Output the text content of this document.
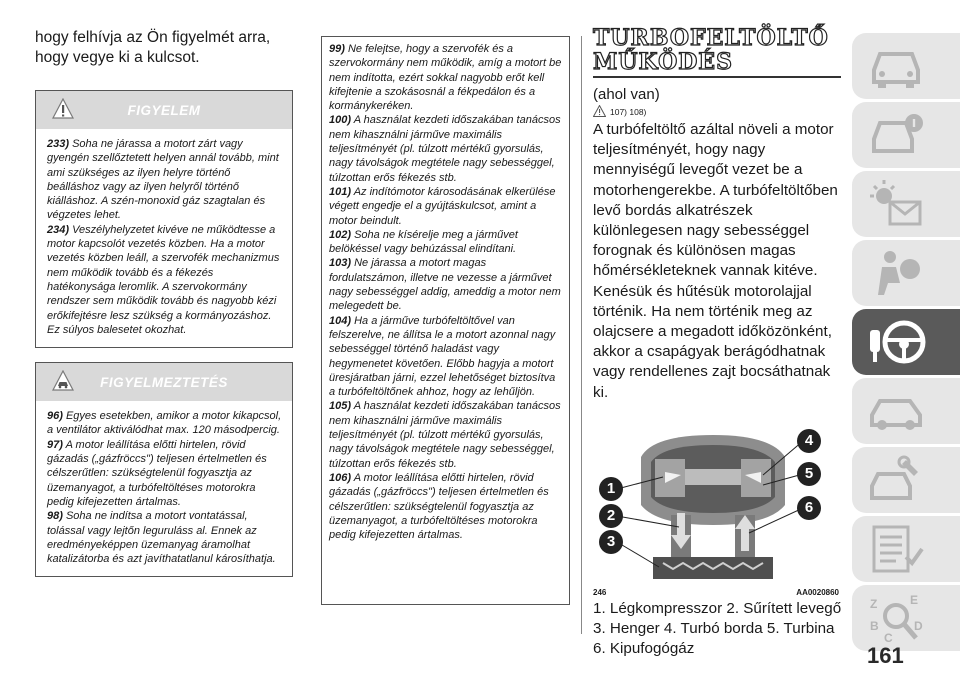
hogy felhívja az Ön figyelmét arra, hogy vegye ki a kulcsot.

FIGYELEM

233) Soha ne járassa a motort zárt vagy gyengén szellőztetett helyen annál tovább, mint ami szükséges az ilyen helyre történő beálláshoz vagy az ilyen helyről történő kiálláshoz. A szén-monoxid gáz szagtalan és végzetes lehet.

234) Veszélyhelyzetet kivéve ne működtesse a motor kapcsolót vezetés közben. Ha a motor vezetés közben leáll, a szervofék mechanizmus nem működik tovább és a fékezés hatékonysága leromlik. A szervokormány rendszer sem működik tovább és nagyobb kézi erőkifejtésre lesz szükség a kormányozáshoz. Ez súlyos balesetet okozhat.

FIGYELMEZTETÉS

96) Egyes esetekben, amikor a motor kikapcsol, a ventilátor aktiválódhat max. 120 másodpercig.

97) A motor leállítása előtti hirtelen, rövid gázadás („gázfröccs") teljesen értelmetlen és célszerűtlen: szükségtelenül fogyasztja az üzemanyagot, a turbófeltöltéses motorokra pedig kifejezetten ártalmas.

98) Soha ne indítsa a motort vontatással, tolással vagy lejtőn leguruláss al. Ennek az eredményeképpen üzemanyag áramolhat katalizátorba és azt javíthatatlanul károsíthatja.

99) Ne felejtse, hogy a szervofék és a szervokormány nem működik, amíg a motort be nem indította, ezért sokkal nagyobb erőt kell kifejtenie a szokásosnál a fékpedálon és a kormánykeréken.

100) A használat kezdeti időszakában tanácsos nem kihasználni járműve maximális teljesítményét (pl. túlzott mértékű gyorsulás, nagy távolságok megtétele nagy sebességgel, túlzottan erős fékezés stb.

101) Az indítómotor károsodásának elkerülése végett engedje el a gyújtáskulcsot, amint a motor beindult.

102) Soha ne kísérelje meg a járművet belökéssel vagy behúzással elindítani.

103) Ne járassa a motort magas fordulatszámon, illetve ne vezesse a járművet nagy sebességgel addig, ameddig a motor nem melegedett be.

104) Ha a járműve turbófeltöltővel van felszerelve, ne állítsa le a motort azonnal nagy sebességgel történő haladást vagy hegymenetet követően. Előbb hagyja a motort üresjáratban járni, ezzel lehetőséget biztosítva a turbófeltöltőnek ahhoz, hogy az lehűljön.

105) A használat kezdeti időszakában tanácsos nem kihasználni járműve maximális teljesítményét (pl. túlzott mértékű gyorsulás, nagy távolságok megtétele nagy sebességgel, túlzottan erős fékezés stb.

106) A motor leállítása előtti hirtelen, rövid gázadás („gázfröccs") teljesen értelmetlen és célszerűtlen: szükségtelenül fogyasztja az üzemanyagot, a turbófeltöltéses motorokra pedig kifejezetten ártalmas.

TURBOFELTÖLTŐ
MŰKÖDÉS
(ahol van)
107) 108)

A turbófeltöltő azáltal növeli a motor teljesítményét, hogy nagy mennyiségű levegőt vezet be a motorhengerekbe. A turbófeltöltőben levő bordás alkatrészek különlegesen nagy sebességgel forognak és különösen magas hőmérsékleteknek vannak kitéve. Kenésük és hűtésük motorolajjal történik. Ha nem történik meg az olajcsere a megadott időközönként, akkor a csapágyak berágódhatnak vagy rendellenes zajt bocsáthatnak ki.

1
2
3
4
5
6
246	AA0020860

1. Légkompresszor 2. Sűrített levegő 3. Henger 4. Turbó borda 5. Turbina 6. Kipufogógáz

Z	E
B
C
D
161
